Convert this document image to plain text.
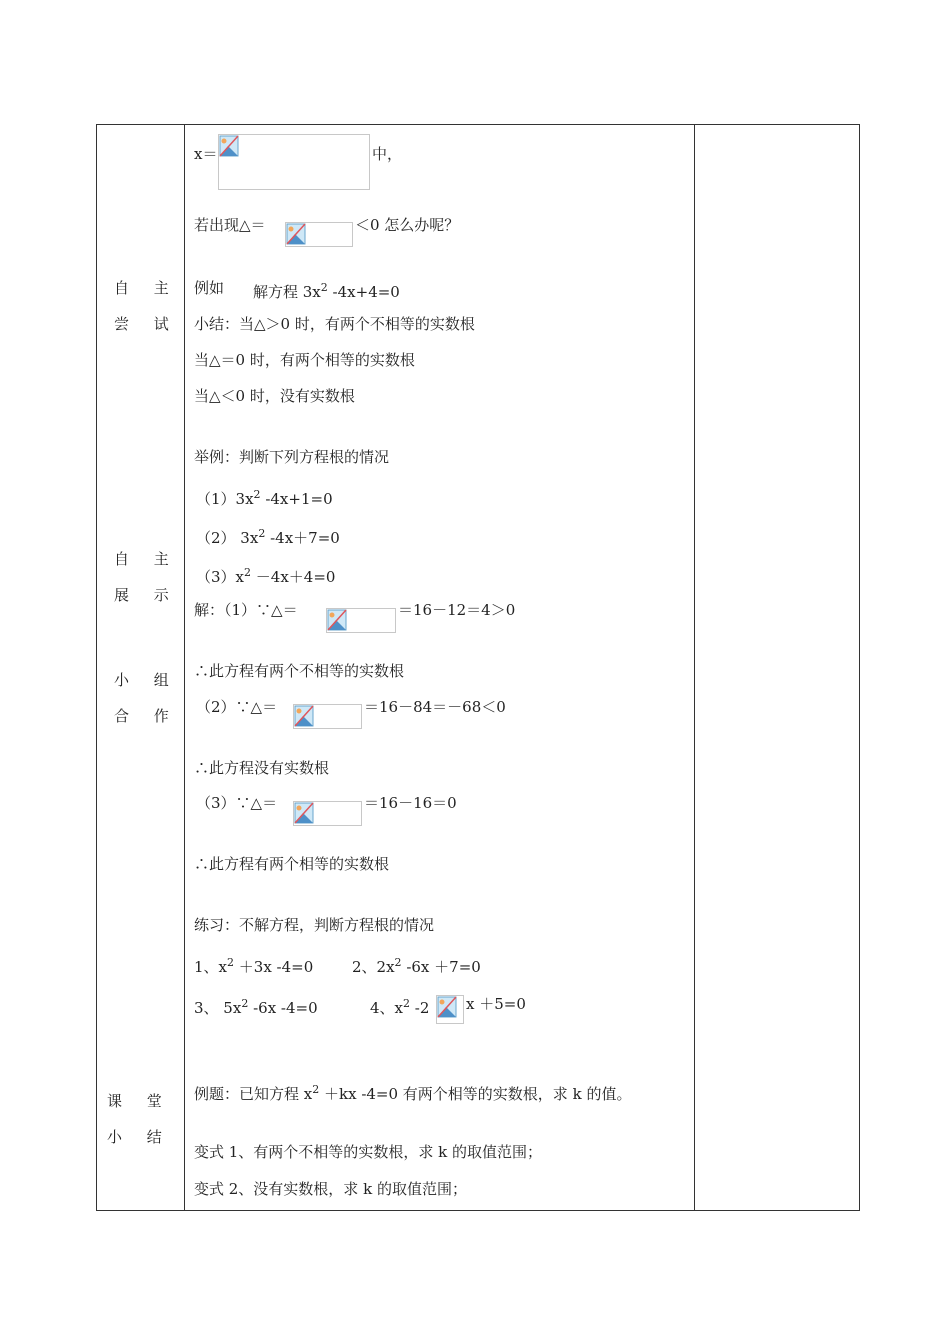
自 主
尝 试
自 主
展 示
小 组
合 作
课 堂
小 结
x＝	中，
若出现△＝	＜0 怎么办呢？
例如 解方程 $3x^2$ -4x+4=0
小结：当△＞0 时，有两个不相等的实数根
当△＝0 时，有两个相等的实数根
当△＜0 时，没有实数根
举例：判断下列方程根的情况
$(1)3x^2$ -4x+1=0
（2） $3x^2$ -4x＋7=0
$(3)x^2 -4x+4=0$
解：（1）∵△＝	＝16－12＝4＞0
∴此方程有两个不相等的实数根
（2）∵△＝	＝16－84＝－68＜0
∴此方程没有实数根
（3）∵△＝	＝16－16＝0
∴此方程有两个相等的实数根
练习：不解方程，判断方程根的情况
1、$x^2 +3x$ -4=0	2、$2x^2$ -6x ＋7=0
3、 $5x^2$ -6x -4=0	4、$x^2$ -2 x ＋5=0
例题：已知方程 $x^2 +kx$ -4=0 有两个相等的实数根，求 k 的值。
变式 1、有两个不相等的实数根，求 k 的取值范围；
变式 2、没有实数根，求 k 的取值范围；
